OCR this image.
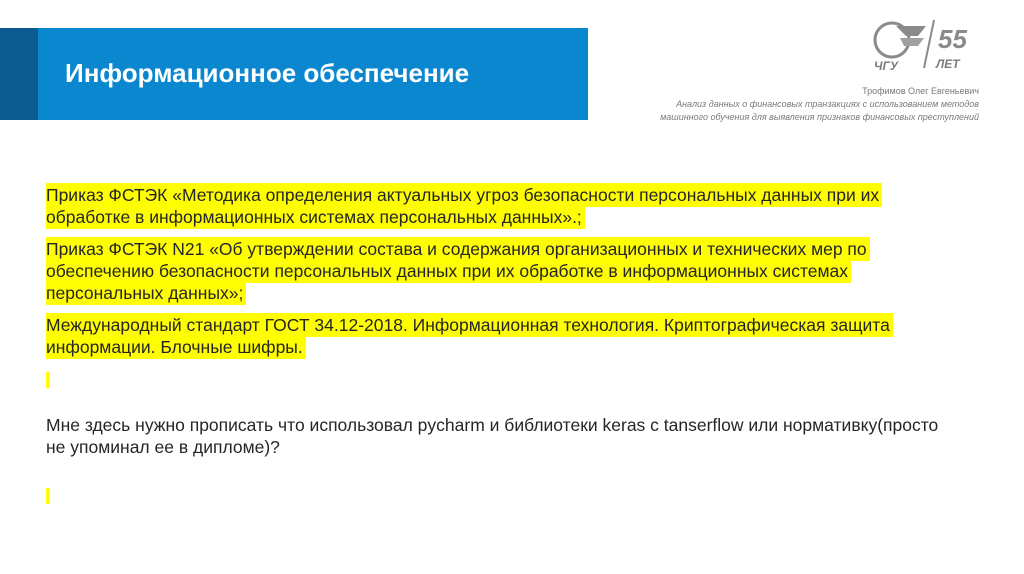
Информационное обеспечение	ЧГУ
55
ЛЕТ
Трофимов Олег Евгеньевич
Анализ данных о финансовых транзакциях с использованием методов машинного обучения для выявления признаков финансовых преступлений

Приказ ФСТЭК «Методика определения актуальных угроз безопасности персональных данных при их обработке в информационных системах персональных данных».;

Приказ ФСТЭК N21 «Об утверждении состава и содержания организационных и технических мер по обеспечению безопасности персональных данных при их обработке в информационных системах персональных данных»;

Международный стандарт ГОСТ 34.12-2018. Информационная технология. Криптографическая защита информации. Блочные шифры.

Мне здесь нужно прописать что использовал pycharm и библиотеки keras с tanserflow или нормативку(просто не упоминал ее в дипломе)?
